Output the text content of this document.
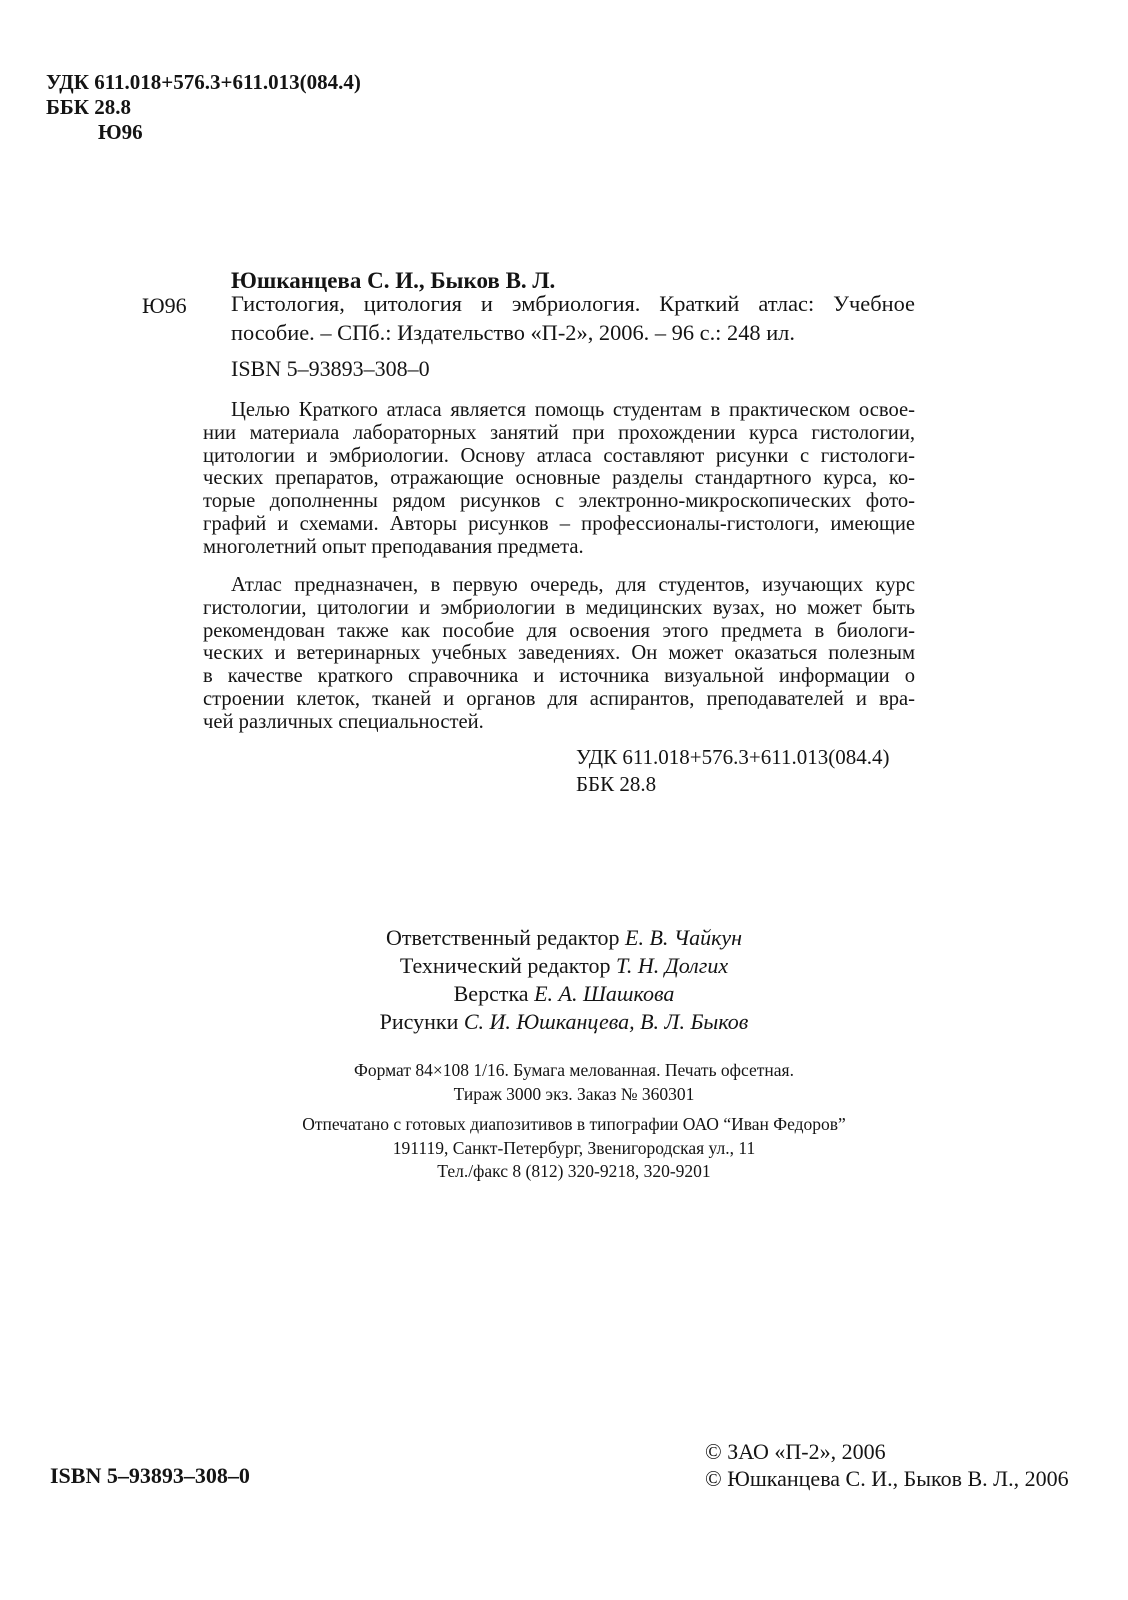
УДК 611.018+576.3+611.013(084.4)
ББК 28.8
Ю96
Юшканцева С. И., Быков В. Л.
Ю96 Гистология, цитология и эмбриология. Краткий атлас: Учебное
пособие. – СПб.: Издательство «П-2», 2006. – 96 с.: 248 ил.
ISBN 5–93893–308–0
Целью Краткого атласа является помощь студентам в практическом освое-
нии материала лабораторных занятий при прохождении курса гистологии,
цитологии и эмбриологии. Основу атласа составляют рисунки с гистологи-
ческих препаратов, отражающие основные разделы стандартного курса, ко-
торые дополненны рядом рисунков с электронно-микроскопических фото-
графий и схемами. Авторы рисунков – профессионалы-гистологи, имеющие
многолетний опыт преподавания предмета.
Атлас предназначен, в первую очередь, для студентов, изучающих курс
гистологии, цитологии и эмбриологии в медицинских вузах, но может быть
рекомендован также как пособие для освоения этого предмета в биологи-
ческих и ветеринарных учебных заведениях. Он может оказаться полезным
в качестве краткого справочника и источника визуальной информации о
строении клеток, тканей и органов для аспирантов, преподавателей и вра-
чей различных специальностей.
УДК 611.018+576.3+611.013(084.4)
ББК 28.8
Ответственный редактор Е. В. Чайкун
Технический редактор Т. Н. Долгих
Верстка Е. А. Шашкова
Рисунки С. И. Юшканцева, В. Л. Быков
Формат 84×108 1/16. Бумага мелованная. Печать офсетная.
Тираж 3000 экз. Заказ № 360301
Отпечатано с готовых диапозитивов в типографии ОАО “Иван Федоров”
191119, Санкт-Петербург, Звенигородская ул., 11
Тел./факс 8 (812) 320-9218, 320-9201
ISBN 5–93893–308–0
© ЗАО «П-2», 2006
© Юшканцева С. И., Быков В. Л., 2006
